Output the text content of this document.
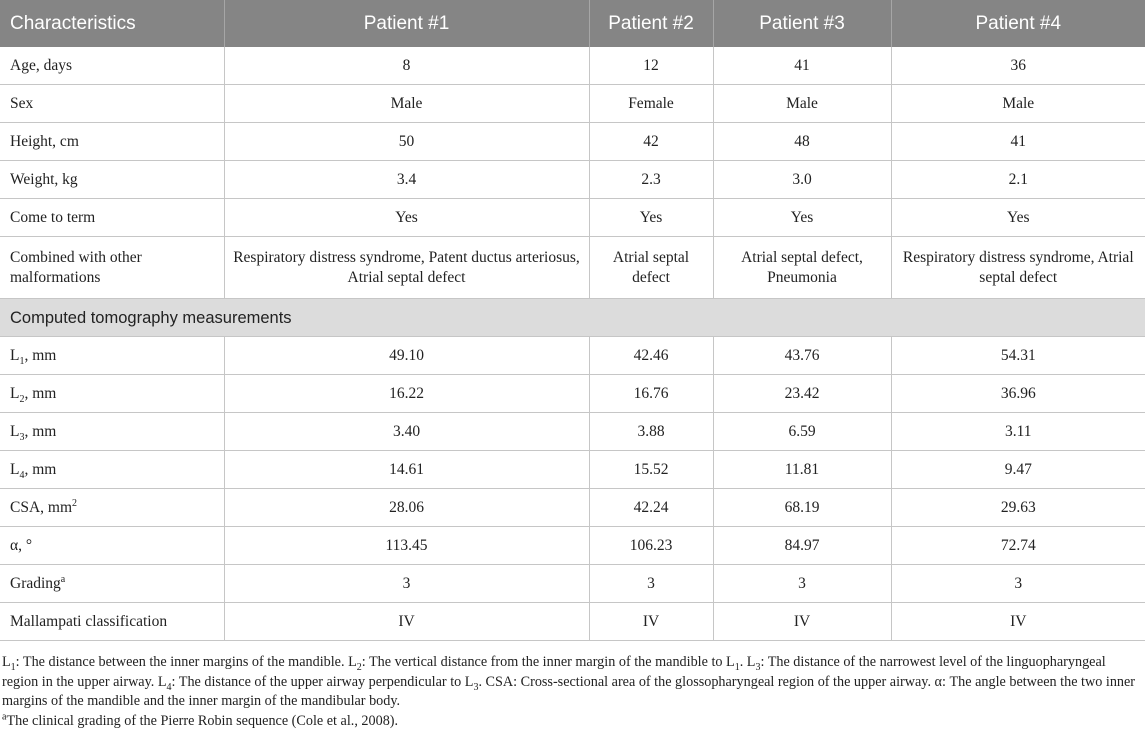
Characteristics	Patient #1	Patient #2	Patient #3	Patient #4
Age, days	8	12	41	36
Sex	Male	Female	Male	Male
Height, cm	50	42	48	41
Weight, kg	3.4	2.3	3.0	2.1
Come to term	Yes	Yes	Yes	Yes
Combined with other malformations	Respiratory distress syndrome, Patent ductus arteriosus, Atrial septal defect	Atrial septal defect	Atrial septal defect, Pneumonia	Respiratory distress syndrome, Atrial septal defect
Computed tomography measurements				
$L_1$, mm	49.10	42.46	43.76	54.31
$L_2$, mm	16.22	16.76	23.42	36.96
$L_3$, mm	3.40	3.88	6.59	3.11
$L_4$, mm	14.61	15.52	11.81	9.47
CSA, $mm^2$	28.06	42.24	68.19	29.63
α, °	113.45	106.23	84.97	72.74
Grading$^a$	3	3	3	3
Mallampati classification	IV	IV	IV	IV

$L_1$: The distance between the inner margins of the mandible. $L_2$: The vertical distance from the inner margin of the mandible to $L_1$. $L_3$: The distance of the narrowest level of the linguopharyngeal region in the upper airway. $L_4$: The distance of the upper airway perpendicular to $L_3$. CSA: Cross-sectional area of the glossopharyngeal region of the upper airway. α: The angle between the two inner margins of the mandible and the inner margin of the mandibular body.

$^a$The clinical grading of the Pierre Robin sequence (Cole et al., 2008).
